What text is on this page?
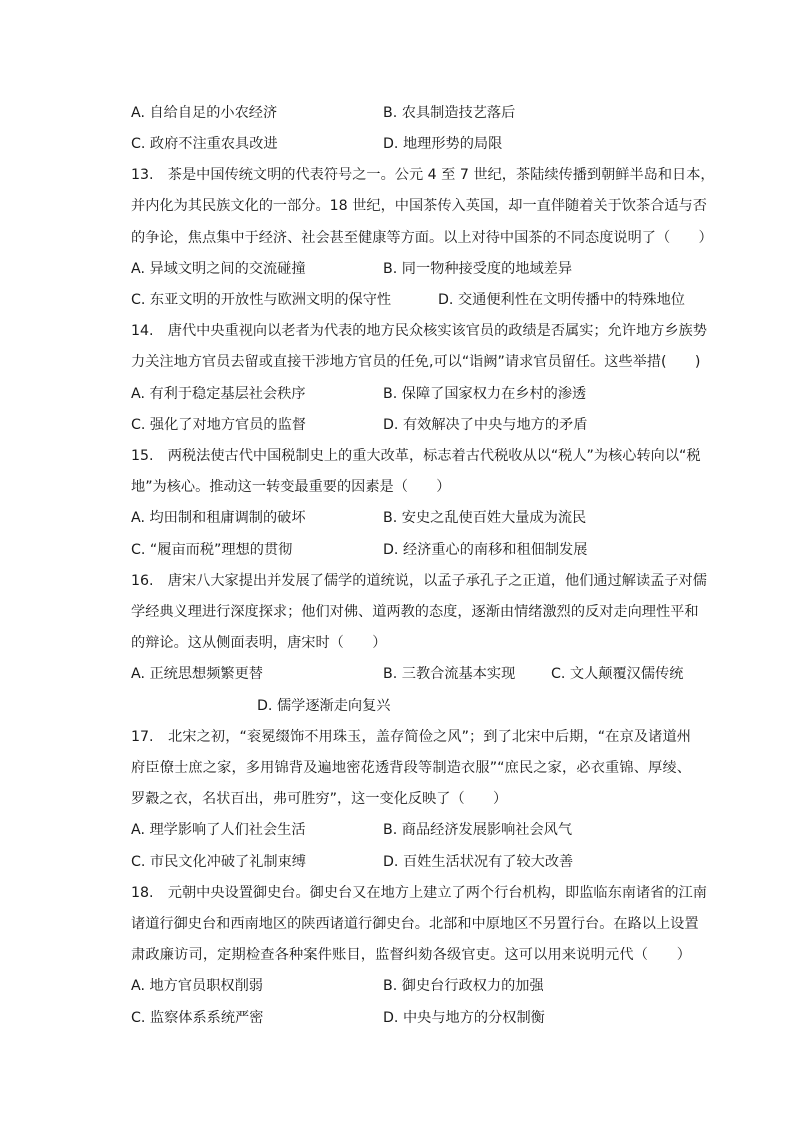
A. 自给自足的小农经济	B. 农具制造技艺落后
C. 政府不注重农具改进	D. 地理形势的局限
13.　茶是中国传统文明的代表符号之一。公元 4 至 7 世纪，茶陆续传播到朝鲜半岛和日本，
并内化为其民族文化的一部分。18 世纪，中国茶传入英国，却一直伴随着关于饮茶合适与否
的争论，焦点集中于经济、社会甚至健康等方面。以上对待中国茶的不同态度说明了（　　）
A. 异域文明之间的交流碰撞	B. 同一物种接受度的地域差异
C. 东亚文明的开放性与欧洲文明的保守性	D. 交通便利性在文明传播中的特殊地位
14.　唐代中央重视向以老者为代表的地方民众核实该官员的政绩是否属实；允许地方乡族势
力关注地方官员去留或直接干涉地方官员的任免,可以“诣阙”请求官员留任。这些举措(　　)
A. 有利于稳定基层社会秩序	B. 保障了国家权力在乡村的渗透
C. 强化了对地方官员的监督	D. 有效解决了中央与地方的矛盾
15.　两税法使古代中国税制史上的重大改革，标志着古代税收从以“税人”为核心转向以“税
地”为核心。推动这一转变最重要的因素是（　　）
A. 均田制和租庸调制的破坏	B. 安史之乱使百姓大量成为流民
C. “履亩而税”理想的贯彻	D. 经济重心的南移和租佃制发展
16.　唐宋八大家提出并发展了儒学的道统说，以孟子承孔子之正道，他们通过解读孟子对儒
学经典义理进行深度探求；他们对佛、道两教的态度，逐渐由情绪激烈的反对走向理性平和
的辩论。这从侧面表明，唐宋时（　　）
A. 正统思想频繁更替	B. 三教合流基本实现	C. 文人颠覆汉儒传统
D. 儒学逐渐走向复兴
17.　北宋之初，“衮冕缀饰不用珠玉，盖存简俭之风”；到了北宋中后期，“在京及诸道州
府臣僚士庶之家，多用锦背及遍地密花透背段等制造衣服”“庶民之家，必衣重锦、厚绫、
罗縠之衣，名状百出，弗可胜穷”，这一变化反映了（　　）
A. 理学影响了人们社会生活	B. 商品经济发展影响社会风气
C. 市民文化冲破了礼制束缚	D. 百姓生活状况有了较大改善
18.　元朝中央设置御史台。御史台又在地方上建立了两个行台机构，即监临东南诸省的江南
诸道行御史台和西南地区的陕西诸道行御史台。北部和中原地区不另置行台。在路以上设置
肃政廉访司，定期检查各种案件账目，监督纠劾各级官吏。这可以用来说明元代（　　）
A. 地方官员职权削弱	B. 御史台行政权力的加强
C. 监察体系系统严密	D. 中央与地方的分权制衡
